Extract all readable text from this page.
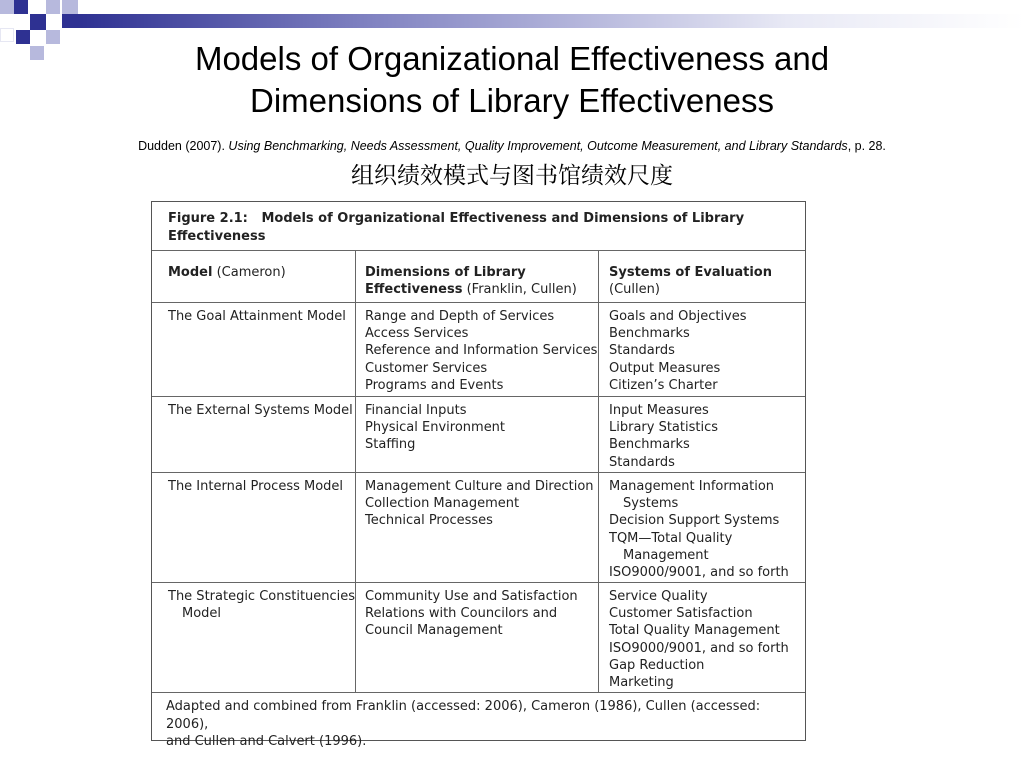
Models of Organizational Effectiveness and
Dimensions of Library Effectiveness
Dudden (2007). Using Benchmarking, Needs Assessment, Quality Improvement, Outcome Measurement, and Library Standards, p. 28.
组织绩效模式与图书馆绩效尺度
Figure 2.1:   Models of Organizational Effectiveness and Dimensions of Library
Effectiveness
Model (Cameron)	Dimensions of Library
Effectiveness (Franklin, Cullen)
Systems of Evaluation
(Cullen)
The Goal Attainment Model Range and Depth of Services
Access Services
Reference and Information Services
Customer Services
Programs and Events
Goals and Objectives
Benchmarks
Standards
Output Measures
Citizen’s Charter
The External Systems Model Financial Inputs
Physical Environment
Staffing
Input Measures
Library Statistics
Benchmarks
Standards
The Internal Process Model Management Culture and Direction
Collection Management
Technical Processes
Management Information
Systems
Decision Support Systems
TQM—Total Quality
Management
ISO9000/9001, and so forth
The Strategic Constituencies
Model
Community Use and Satisfaction
Relations with Councilors and
Council Management
Service Quality
Customer Satisfaction
Total Quality Management
ISO9000/9001, and so forth
Gap Reduction
Marketing
Adapted and combined from Franklin (accessed: 2006), Cameron (1986), Cullen (accessed: 2006),
and Cullen and Calvert (1996).
